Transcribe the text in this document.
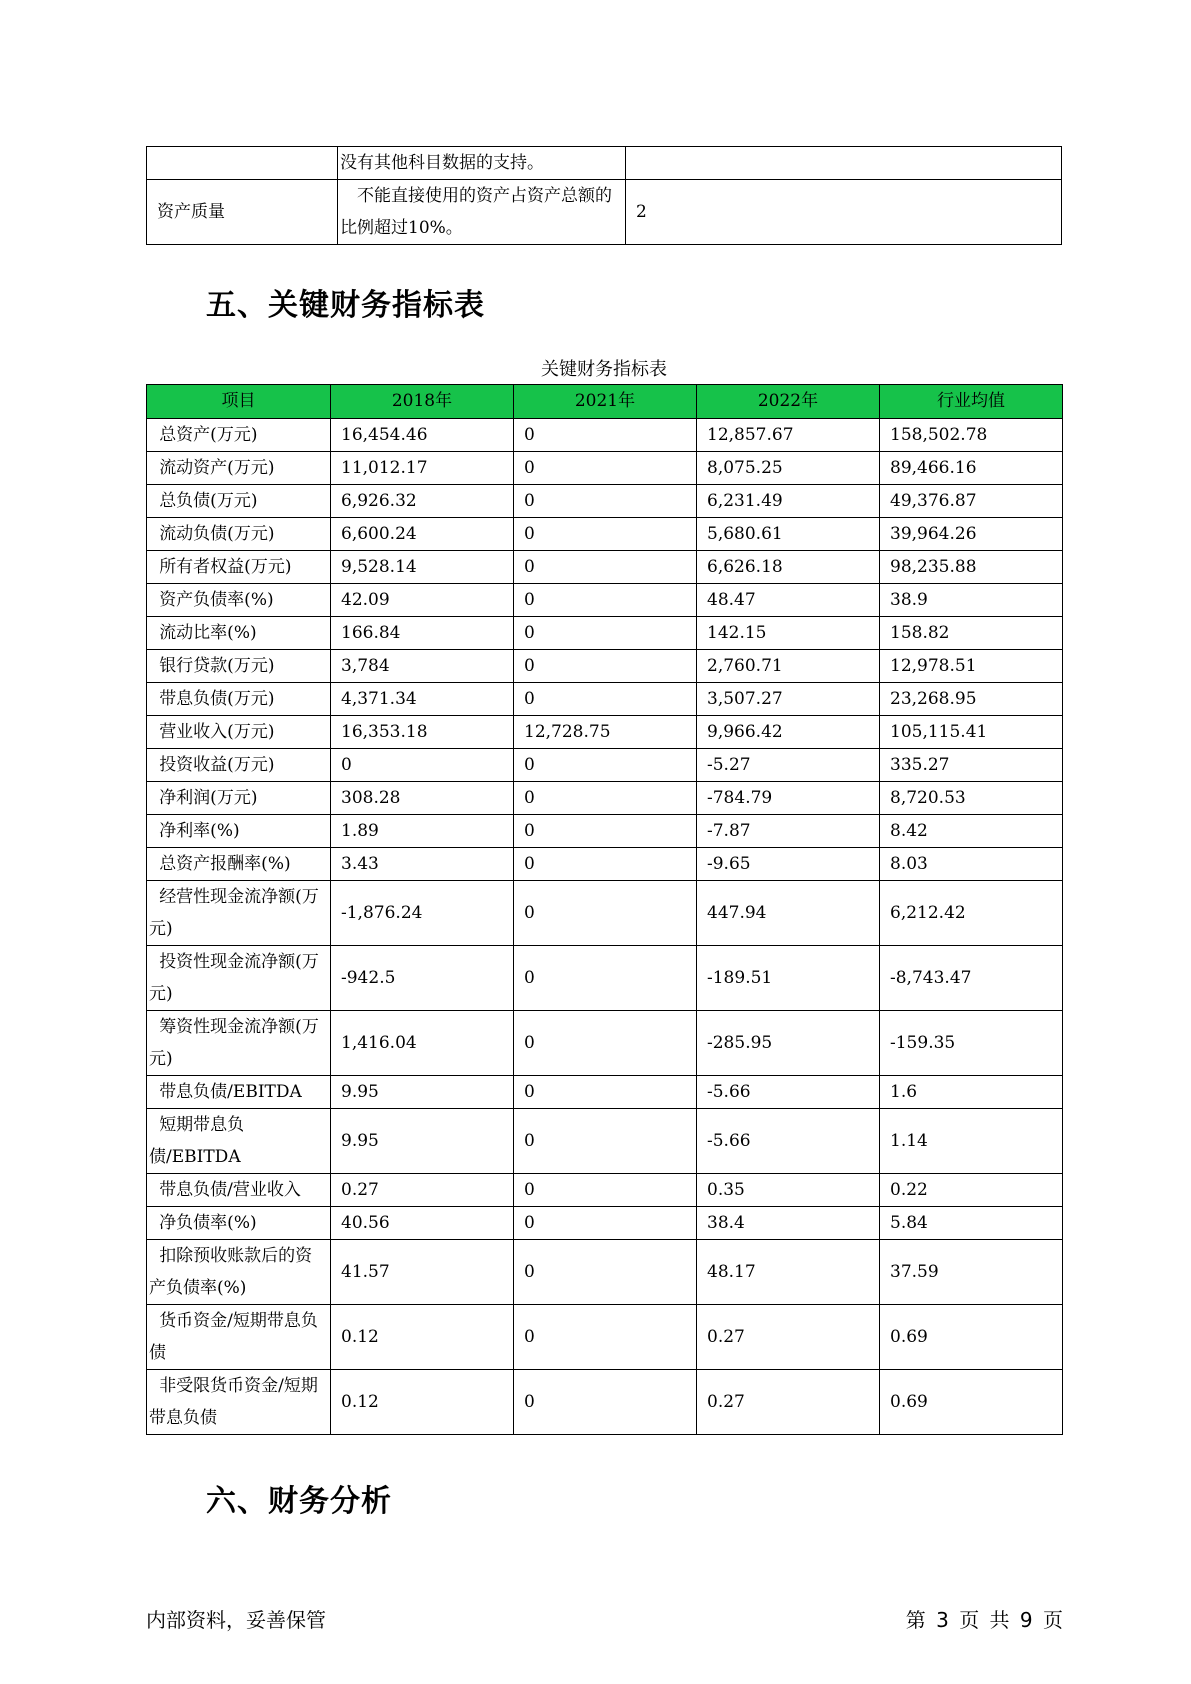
	没有其他科目数据的支持。	
资产质量	不能直接使用的资产占资产总额的比例超过10%。	2
五、关键财务指标表
关键财务指标表
项目	2018年	2021年	2022年	行业均值
总资产(万元)	16,454.46	0	12,857.67	158,502.78
流动资产(万元)	11,012.17	0	8,075.25	89,466.16
总负债(万元)	6,926.32	0	6,231.49	49,376.87
流动负债(万元)	6,600.24	0	5,680.61	39,964.26
所有者权益(万元)	9,528.14	0	6,626.18	98,235.88
资产负债率(%)	42.09	0	48.47	38.9
流动比率(%)	166.84	0	142.15	158.82
银行贷款(万元)	3,784	0	2,760.71	12,978.51
带息负债(万元)	4,371.34	0	3,507.27	23,268.95
营业收入(万元)	16,353.18	12,728.75	9,966.42	105,115.41
投资收益(万元)	0	0	-5.27	335.27
净利润(万元)	308.28	0	-784.79	8,720.53
净利率(%)	1.89	0	-7.87	8.42
总资产报酬率(%)	3.43	0	-9.65	8.03
经营性现金流净额(万元)	-1,876.24	0	447.94	6,212.42
投资性现金流净额(万元)	-942.5	0	-189.51	-8,743.47
筹资性现金流净额(万元)	1,416.04	0	-285.95	-159.35
带息负债/EBITDA	9.95	0	-5.66	1.6
短期带息负债/EBITDA	9.95	0	-5.66	1.14
带息负债/营业收入	0.27	0	0.35	0.22
净负债率(%)	40.56	0	38.4	5.84
扣除预收账款后的资产负债率(%)	41.57	0	48.17	37.59
货币资金/短期带息负债	0.12	0	0.27	0.69
非受限货币资金/短期带息负债	0.12	0	0.27	0.69
六、财务分析
内部资料，妥善保管	第 3 页 共 9 页
